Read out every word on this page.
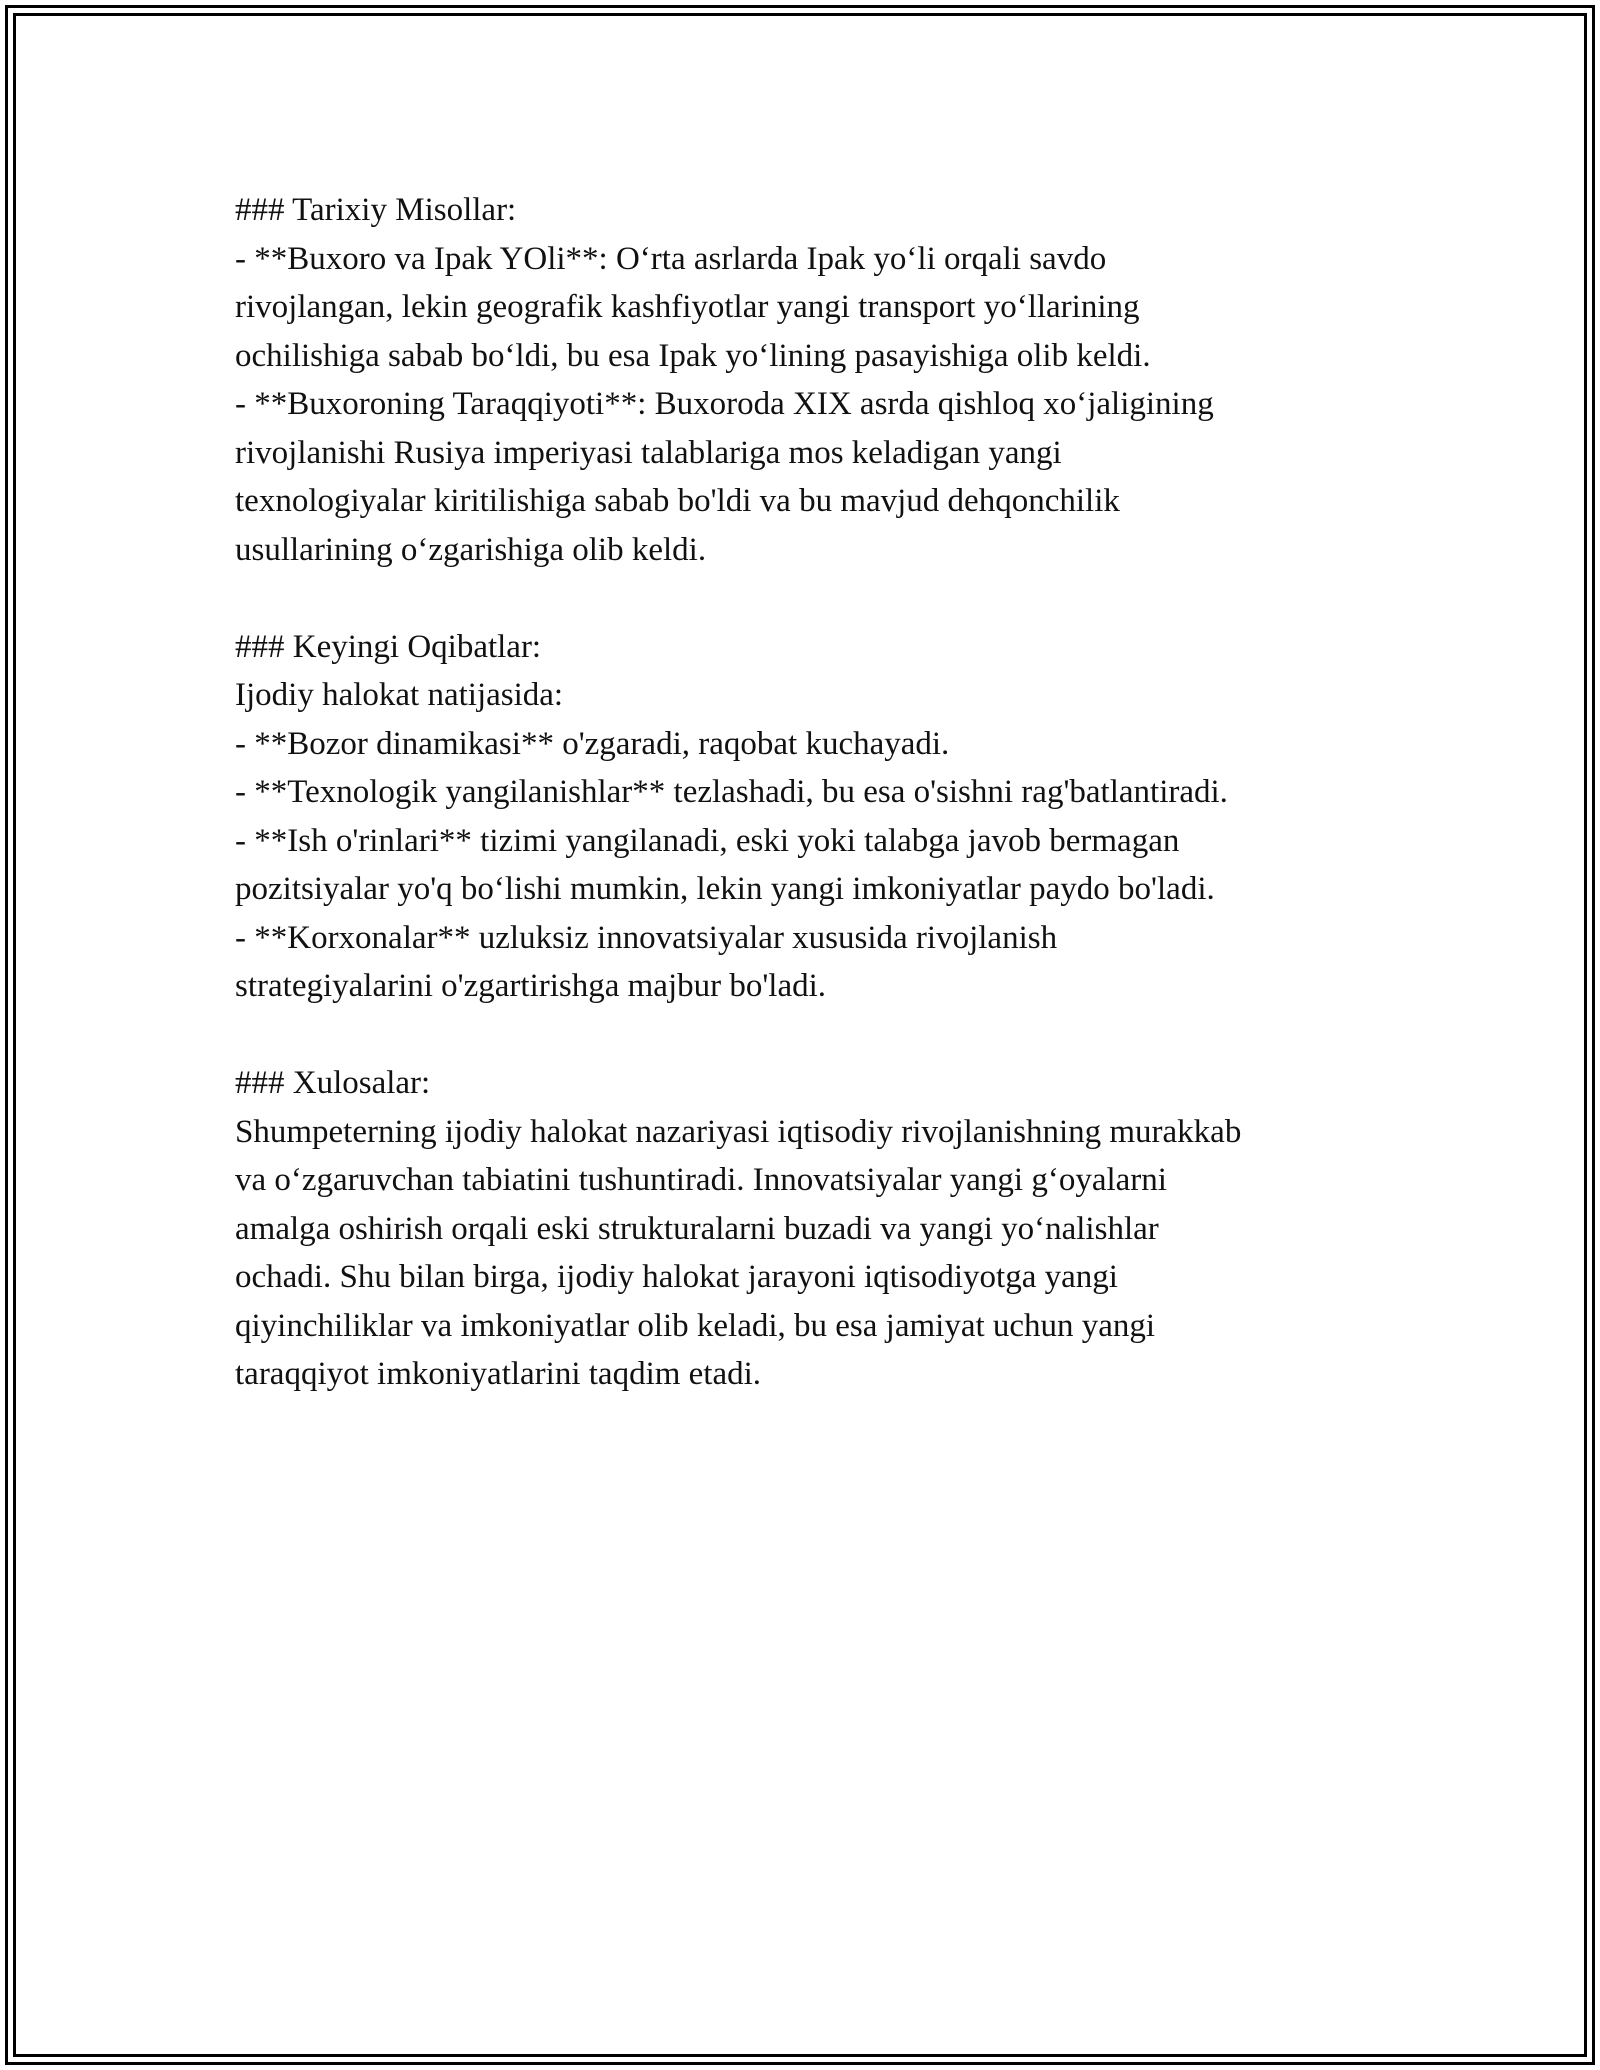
### Tarixiy Misollar:

- **Buxoro va Ipak YOli**: O‘rta asrlarda Ipak yo‘li orqali savdo

rivojlangan, lekin geografik kashfiyotlar yangi transport yo‘llarining

ochilishiga sabab bo‘ldi, bu esa Ipak yo‘lining pasayishiga olib keldi.

- **Buxoroning Taraqqiyoti**: Buxoroda XIX asrda qishloq xo‘jaligining

rivojlanishi Rusiya imperiyasi talablariga mos keladigan yangi

texnologiyalar kiritilishiga sabab bo'ldi va bu mavjud dehqonchilik

usullarining o‘zgarishiga olib keldi.

### Keyingi Oqibatlar:

Ijodiy halokat natijasida:

- **Bozor dinamikasi** o'zgaradi, raqobat kuchayadi.

- **Texnologik yangilanishlar** tezlashadi, bu esa o'sishni rag'batlantiradi.

- **Ish o'rinlari** tizimi yangilanadi, eski yoki talabga javob bermagan

pozitsiyalar yo'q bo‘lishi mumkin, lekin yangi imkoniyatlar paydo bo'ladi.

- **Korxonalar** uzluksiz innovatsiyalar xususida rivojlanish

strategiyalarini o'zgartirishga majbur bo'ladi.

### Xulosalar:

Shumpeterning ijodiy halokat nazariyasi iqtisodiy rivojlanishning murakkab

va o‘zgaruvchan tabiatini tushuntiradi. Innovatsiyalar yangi g‘oyalarni

amalga oshirish orqali eski strukturalarni buzadi va yangi yo‘nalishlar

ochadi. Shu bilan birga, ijodiy halokat jarayoni iqtisodiyotga yangi

qiyinchiliklar va imkoniyatlar olib keladi, bu esa jamiyat uchun yangi

taraqqiyot imkoniyatlarini taqdim etadi.
